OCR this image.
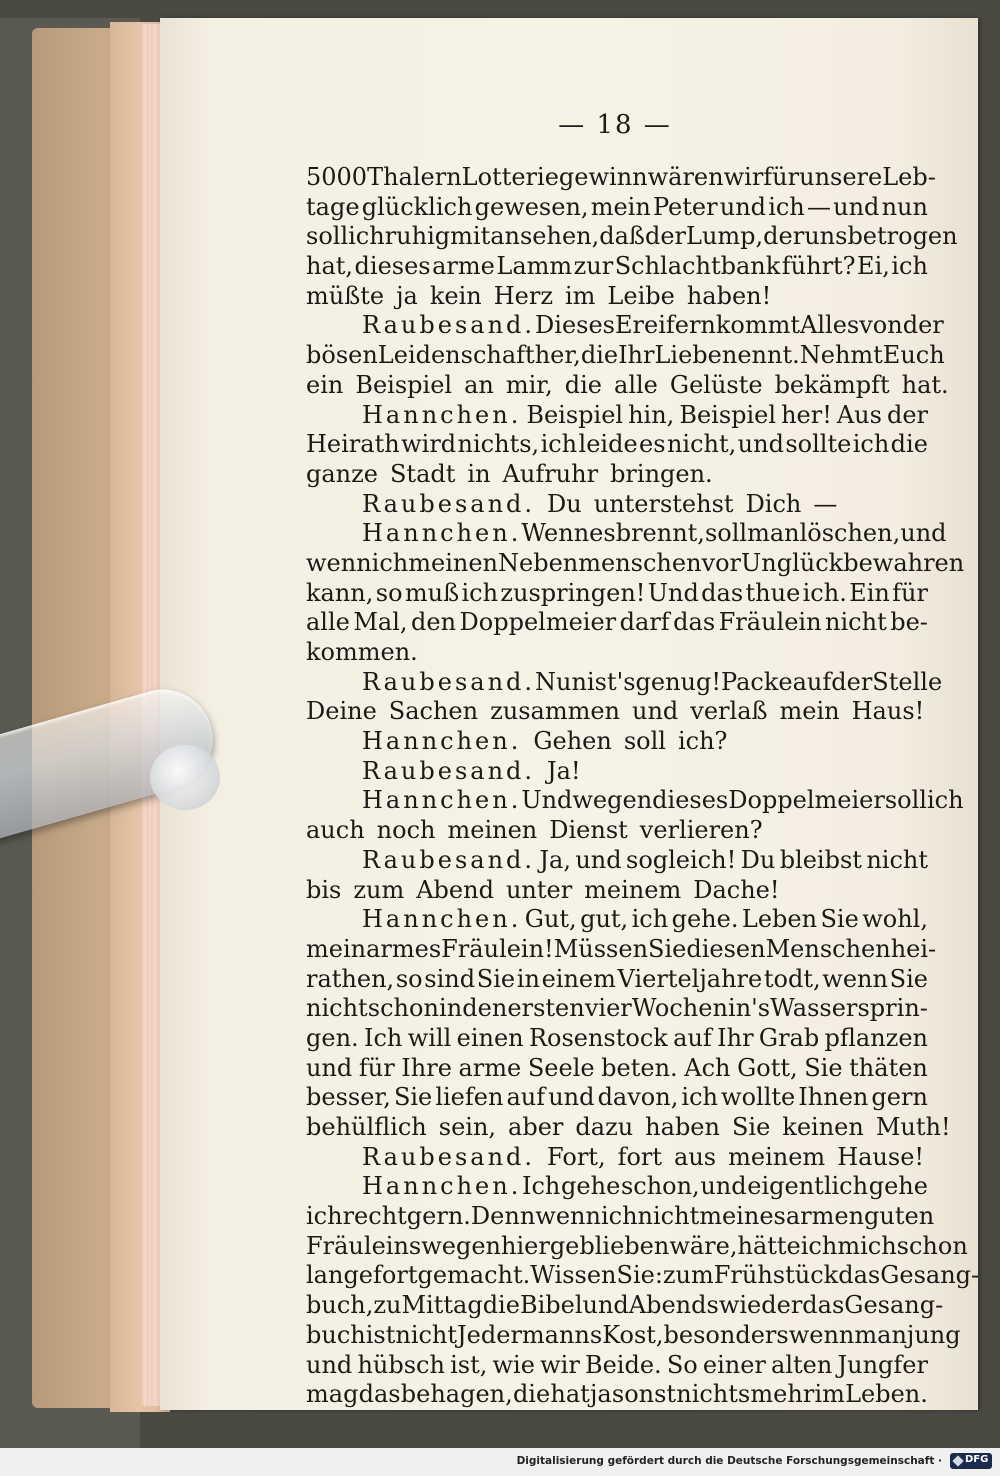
— 18 —
5000 Thalern Lotteriegewinn wären wir für unsere Leb-
tage glücklich gewesen, mein Peter und ich — und nun
soll ich ruhig mit ansehen, daß der Lump, der uns betrogen
hat, dieses arme Lamm zur Schlachtbank führt? Ei, ich
müßte ja kein Herz im Leibe haben!
Raubesand. Dieses Ereifern kommt Alles von der
bösen Leidenschaft her, die Ihr Liebe nennt. Nehmt Euch
ein Beispiel an mir, die alle Gelüste bekämpft hat.
Hannchen. Beispiel hin, Beispiel her! Aus der
Heirath wird nichts, ich leide es nicht, und sollte ich die
ganze Stadt in Aufruhr bringen.
Raubesand. Du unterstehst Dich —
Hannchen. Wenn es brennt, soll man löschen, und
wenn ich meinen Nebenmenschen vor Unglück bewahren
kann, so muß ich zuspringen! Und das thue ich. Ein für
alle Mal, den Doppelmeier darf das Fräulein nicht be-
kommen.
Raubesand. Nun ist's genug! Packe auf der Stelle
Deine Sachen zusammen und verlaß mein Haus!
Hannchen. Gehen soll ich?
Raubesand. Ja!
Hannchen. Und wegen dieses Doppelmeier soll ich
auch noch meinen Dienst verlieren?
Raubesand. Ja, und sogleich! Du bleibst nicht
bis zum Abend unter meinem Dache!
Hannchen. Gut, gut, ich gehe. Leben Sie wohl,
mein armes Fräulein! Müssen Sie diesen Menschen hei-
rathen, so sind Sie in einem Vierteljahre todt, wenn Sie
nicht schon in den ersten vier Wochen in's Wasser sprin-
gen. Ich will einen Rosenstock auf Ihr Grab pflanzen
und für Ihre arme Seele beten. Ach Gott, Sie thäten
besser, Sie liefen auf und davon, ich wollte Ihnen gern
behülflich sein, aber dazu haben Sie keinen Muth!
Raubesand. Fort, fort aus meinem Hause!
Hannchen. Ich gehe schon, und eigentlich gehe
ich recht gern. Denn wenn ich nicht meines armen guten
Fräuleins wegen hier geblieben wäre, hätte ich mich schon
lange fortgemacht. Wissen Sie: zum Frühstück das Gesang-
buch, zu Mittag die Bibel und Abends wieder das Gesang-
buch ist nicht Jedermanns Kost, besonders wenn man jung
und hübsch ist, wie wir Beide. So einer alten Jungfer
mag das behagen, die hat ja sonst nichts mehr im Leben.
Digitalisierung gefördert durch die Deutsche Forschungsgemeinschaft · DFG
